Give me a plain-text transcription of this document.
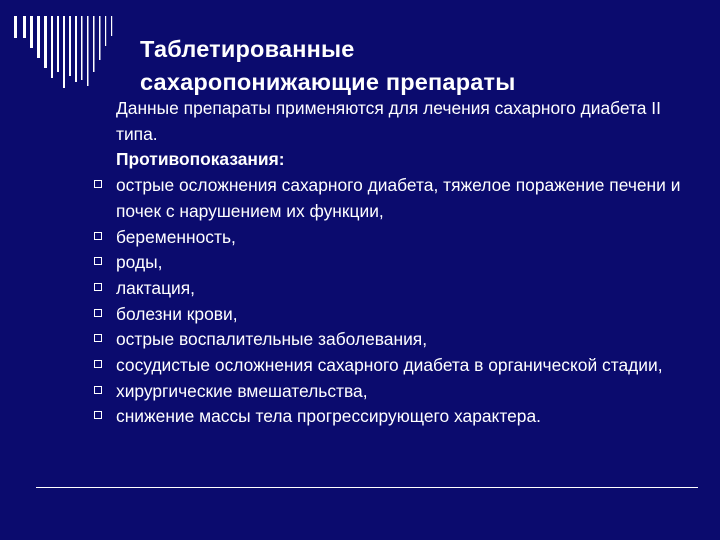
Таблетированные
сахаропонижающие препараты
Данные препараты применяются для лечения сахарного диабета II типа.
Противопоказания:
острые осложнения сахарного диабета, тяжелое поражение печени и почек с нарушением их функции,
беременность,
роды,
лактация,
болезни крови,
острые воспалительные заболевания,
сосудистые осложнения сахарного диабета в органической стадии,
хирургические вмешательства,
снижение массы тела прогрессирующего характера.
